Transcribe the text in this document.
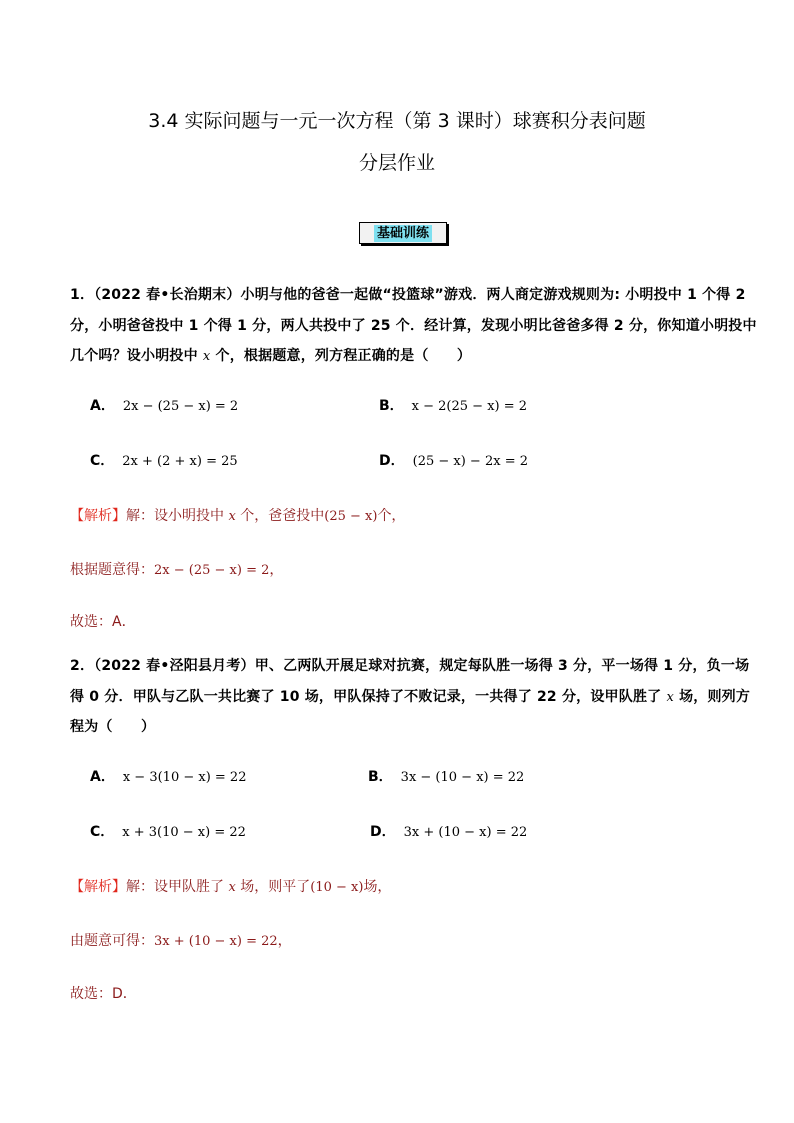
3.4 实际问题与一元一次方程（第 3 课时）球赛积分表问题
分层作业
基础训练
1．（2022 春•长治期末）小明与他的爸爸一起做“投篮球”游戏．两人商定游戏规则为: 小明投中 1 个得 2
分，小明爸爸投中 1 个得 1 分，两人共投中了 25 个．经计算，发现小明比爸爸多得 2 分，你知道小明投中
几个吗？设小明投中 x 个，根据题意，列方程正确的是（　　）
A． 2x − (25 − x) = 2	B． x − 2(25 − x) = 2
C． 2x + (2 + x) = 25	D． (25 − x) − 2x = 2
【解析】解：设小明投中 x 个，爸爸投中(25 − x)个，
根据题意得：2x − (25 − x) = 2，
故选：A．
2．（2022 春•泾阳县月考）甲、乙两队开展足球对抗赛，规定每队胜一场得 3 分，平一场得 1 分，负一场
得 0 分．甲队与乙队一共比赛了 10 场，甲队保持了不败记录，一共得了 22 分，设甲队胜了 x 场，则列方
程为（　　）
A． x − 3(10 − x) = 22	B． 3x − (10 − x) = 22
C． x + 3(10 − x) = 22	D． 3x + (10 − x) = 22
【解析】解：设甲队胜了 x 场，则平了(10 − x)场，
由题意可得：3x + (10 − x) = 22，
故选：D．
